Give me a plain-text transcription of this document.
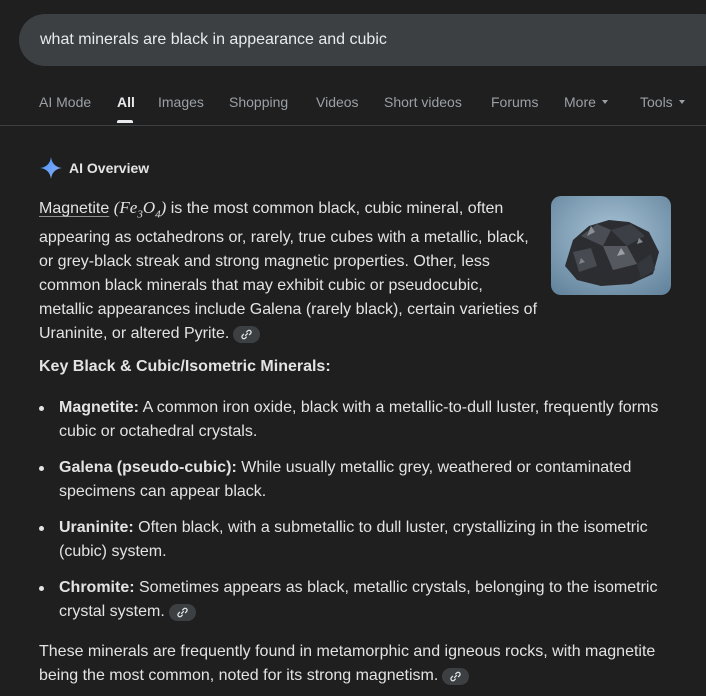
what minerals are black in appearance and cubic
AI Mode All Images Shopping Videos Short videos Forums More	Tools
AI Overview
Magnetite $(Fe_3O_4)$ is the most common black, cubic mineral, often appearing as octahedrons or, rarely, true cubes with a metallic, black, or grey-black streak and strong magnetic properties. Other, less common black minerals that may exhibit cubic or pseudocubic, metallic appearances include Galena (rarely black), certain varieties of Uraninite, or altered Pyrite.
Key Black & Cubic/Isometric Minerals:
Magnetite: A common iron oxide, black with a metallic-to-dull luster, frequently forms cubic or octahedral crystals.
Galena (pseudo-cubic): While usually metallic grey, weathered or contaminated specimens can appear black.
Uraninite: Often black, with a submetallic to dull luster, crystallizing in the isometric (cubic) system.
Chromite: Sometimes appears as black, metallic crystals, belonging to the isometric crystal system.
These minerals are frequently found in metamorphic and igneous rocks, with magnetite being the most common, noted for its strong magnetism.
